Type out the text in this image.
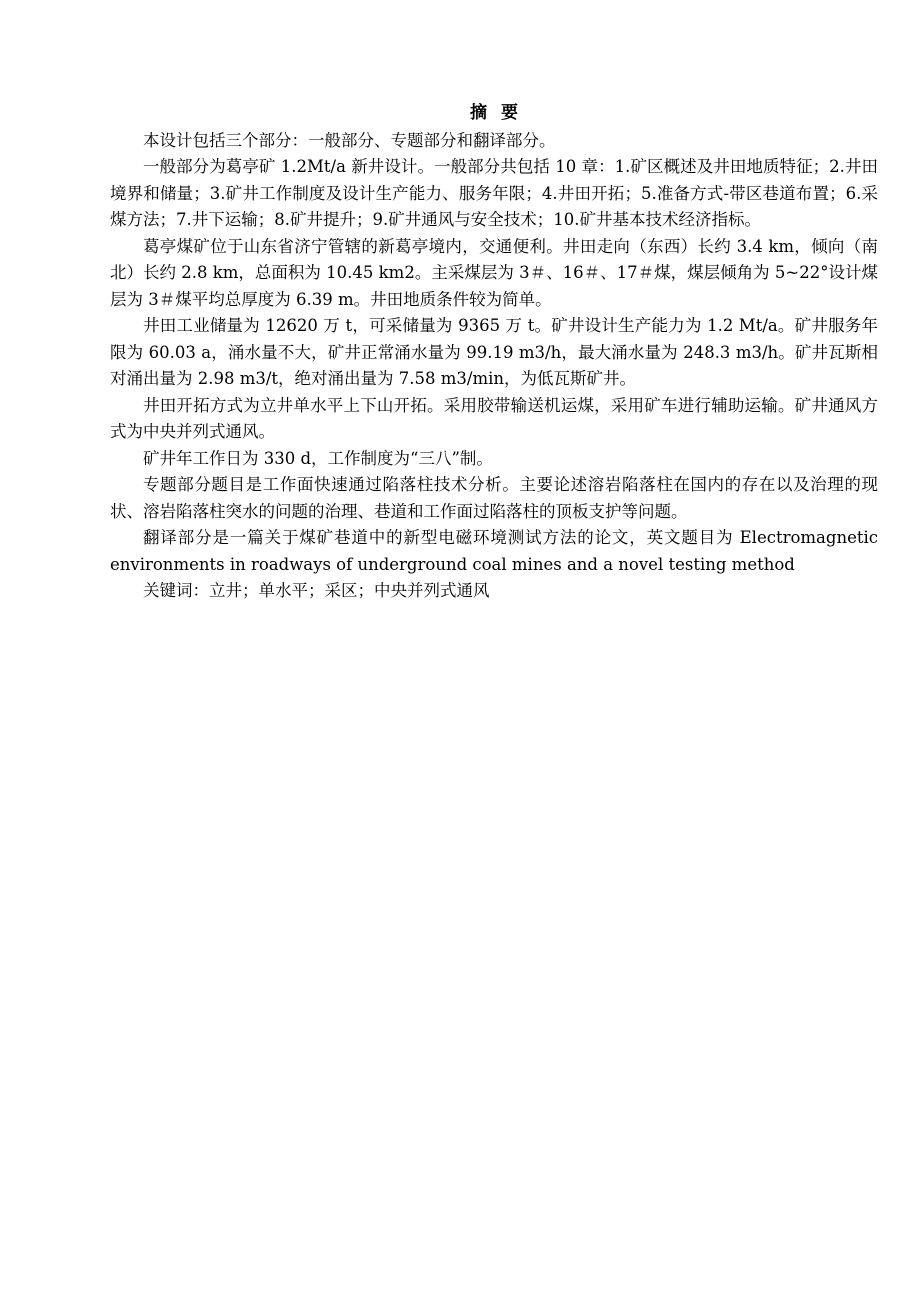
摘要

本设计包括三个部分：一般部分、专题部分和翻译部分。

一般部分为葛亭矿 1.2Mt/a 新井设计。一般部分共包括 10 章：1.矿区概述及井田地质特征；2.井田境界和储量；3.矿井工作制度及设计生产能力、服务年限；4.井田开拓；5.准备方式-带区巷道布置；6.采煤方法；7.井下运输；8.矿井提升；9.矿井通风与安全技术；10.矿井基本技术经济指标。

葛亭煤矿位于山东省济宁管辖的新葛亭境内，交通便利。井田走向（东西）长约 3.4 km，倾向（南北）长约 2.8 km，总面积为 10.45 km2。主采煤层为 3＃、16＃、17＃煤，煤层倾角为 5~22°设计煤层为 3＃煤平均总厚度为 6.39 m。井田地质条件较为简单。

井田工业储量为 12620 万 t，可采储量为 9365 万 t。矿井设计生产能力为 1.2 Mt/a。矿井服务年限为 60.03 a，涌水量不大，矿井正常涌水量为 99.19 m3/h，最大涌水量为 248.3 m3/h。矿井瓦斯相对涌出量为 2.98 m3/t，绝对涌出量为 7.58 m3/min，为低瓦斯矿井。

井田开拓方式为立井单水平上下山开拓。采用胶带输送机运煤，采用矿车进行辅助运输。矿井通风方式为中央并列式通风。

矿井年工作日为 330 d，工作制度为“三八”制。

专题部分题目是工作面快速通过陷落柱技术分析。主要论述溶岩陷落柱在国内的存在以及治理的现状、溶岩陷落柱突水的问题的治理、巷道和工作面过陷落柱的顶板支护等问题。

翻译部分是一篇关于煤矿巷道中的新型电磁环境测试方法的论文，英文题目为 Electromagnetic environments in roadways of underground coal mines and a novel testing method

关键词：立井；单水平；采区；中央并列式通风
